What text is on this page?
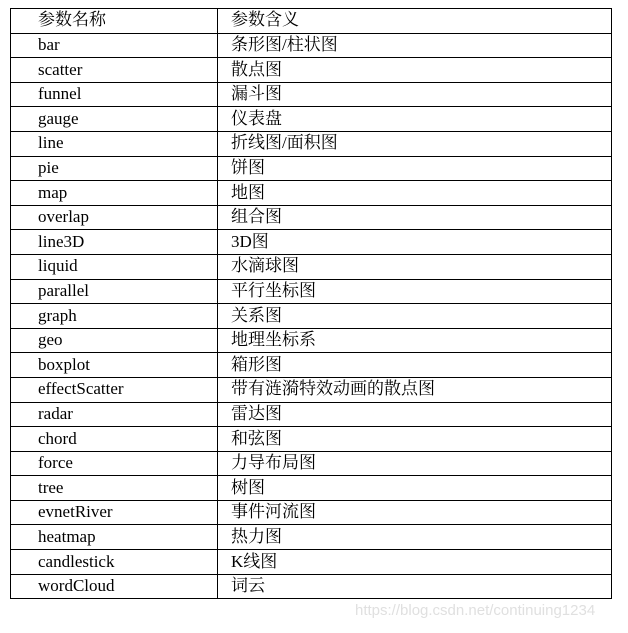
https://blog.csdn.net/continuing1234
参数名称	参数含义
bar	条形图/柱状图
scatter	散点图
funnel	漏斗图
gauge	仪表盘
line	折线图/面积图
pie	饼图
map	地图
overlap	组合图
line3D	3D图
liquid	水滴球图
parallel	平行坐标图
graph	关系图
geo	地理坐标系
boxplot	箱形图
effectScatter	带有涟漪特效动画的散点图
radar	雷达图
chord	和弦图
force	力导布局图
tree	树图
evnetRiver	事件河流图
heatmap	热力图
candlestick	K线图
wordCloud	词云
